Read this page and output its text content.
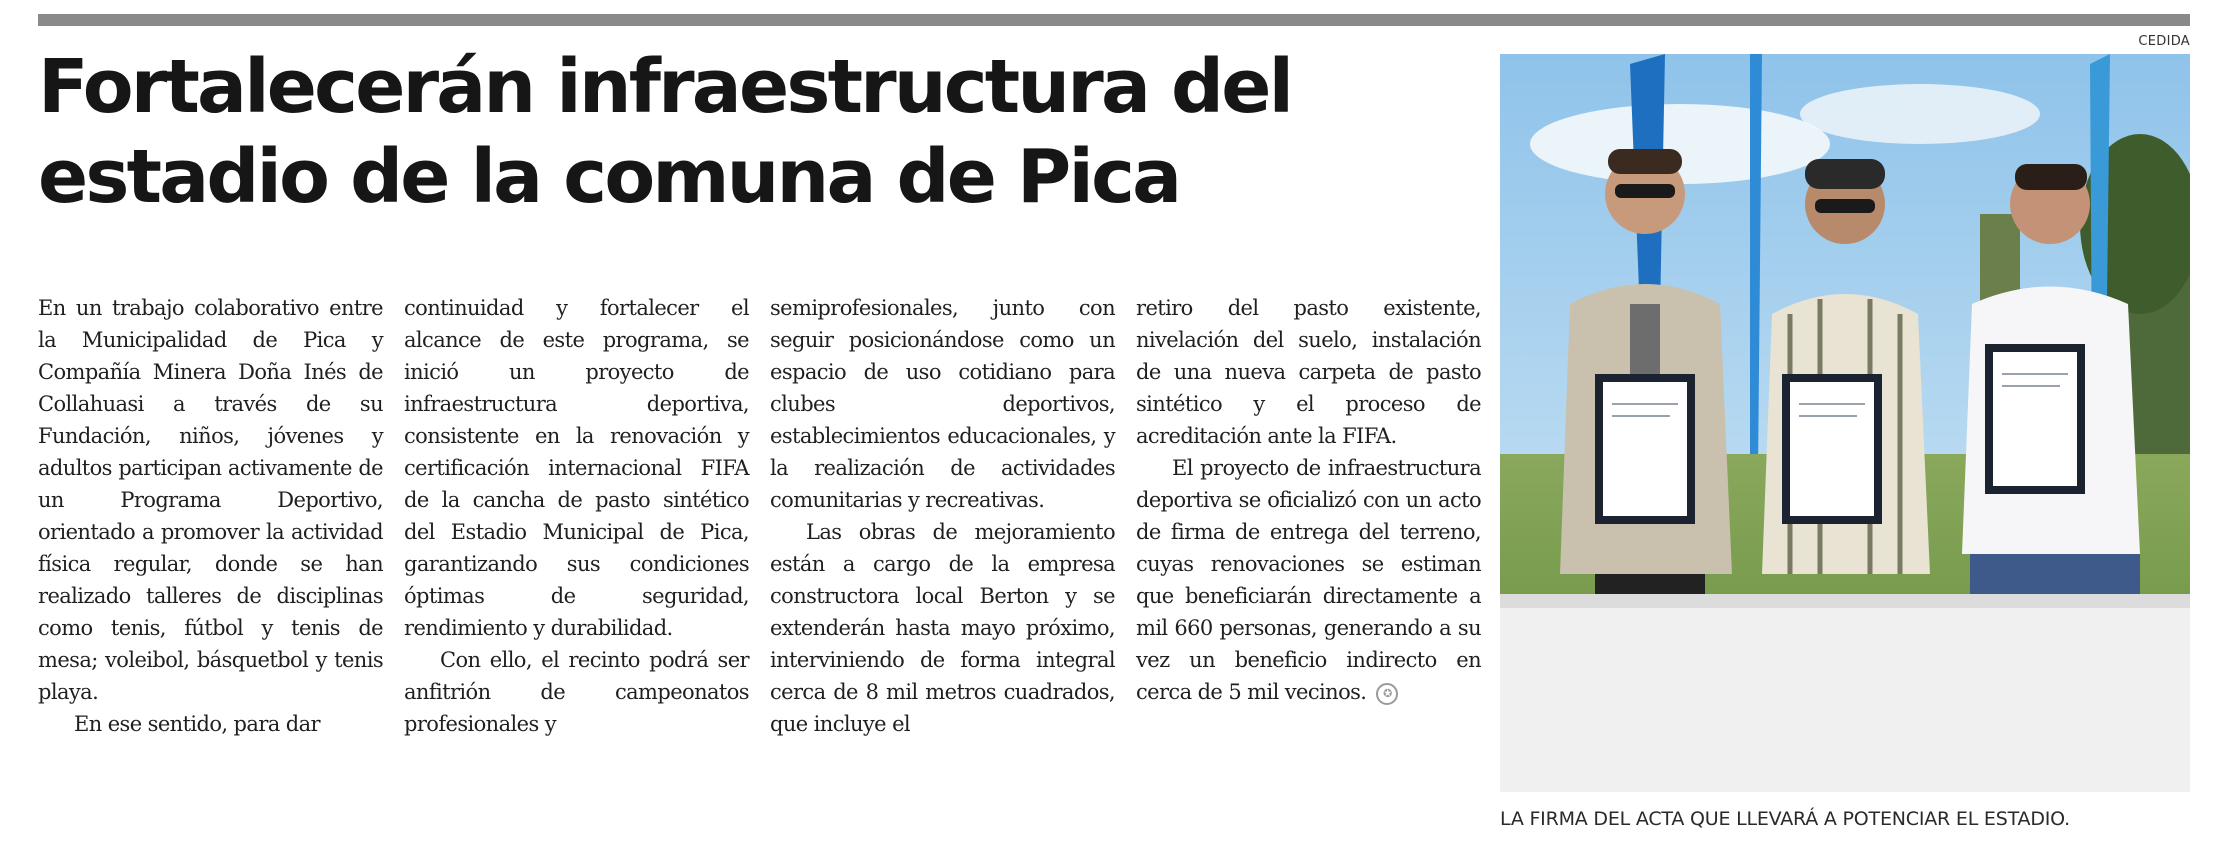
Fortalecerán infraestructura del
estadio de la comuna de Pica

En un trabajo colaborativo entre la Municipalidad de Pica y Compañía Minera Doña Inés de Collahuasi a través de su Fundación, niños, jóvenes y adultos participan activamente de un Programa Deportivo, orientado a promover la actividad física regular, donde se han realizado talleres de disciplinas como tenis, fútbol y tenis de mesa; voleibol, básquetbol y tenis playa.

En ese sentido, para dar

continuidad y fortalecer el alcance de este programa, se inició un proyecto de infraestructura deportiva, consistente en la renovación y certificación internacional FIFA de la cancha de pasto sintético del Estadio Municipal de Pica, garantizando sus condiciones óptimas de seguridad, rendimiento y durabilidad.

Con ello, el recinto podrá ser anfitrión de campeonatos profesionales y

semiprofesionales, junto con seguir posicionándose como un espacio de uso cotidiano para clubes deportivos, establecimientos educacionales, y la realización de actividades comunitarias y recreativas.

Las obras de mejoramiento están a cargo de la empresa constructora local Berton y se extenderán hasta mayo próximo, interviniendo de forma integral cerca de 8 mil metros cuadrados, que incluye el

retiro del pasto existente, nivelación del suelo, instalación de una nueva carpeta de pasto sintético y el proceso de acreditación ante la FIFA.

El proyecto de infraestructura deportiva se oficializó con un acto de firma de entrega del terreno, cuyas renovaciones se estiman que beneficiarán directamente a mil 660 personas, generando a su vez un beneficio indirecto en cerca de 5 mil vecinos. ✪

CEDIDA
LA FIRMA DEL ACTA QUE LLEVARÁ A POTENCIAR EL ESTADIO.
